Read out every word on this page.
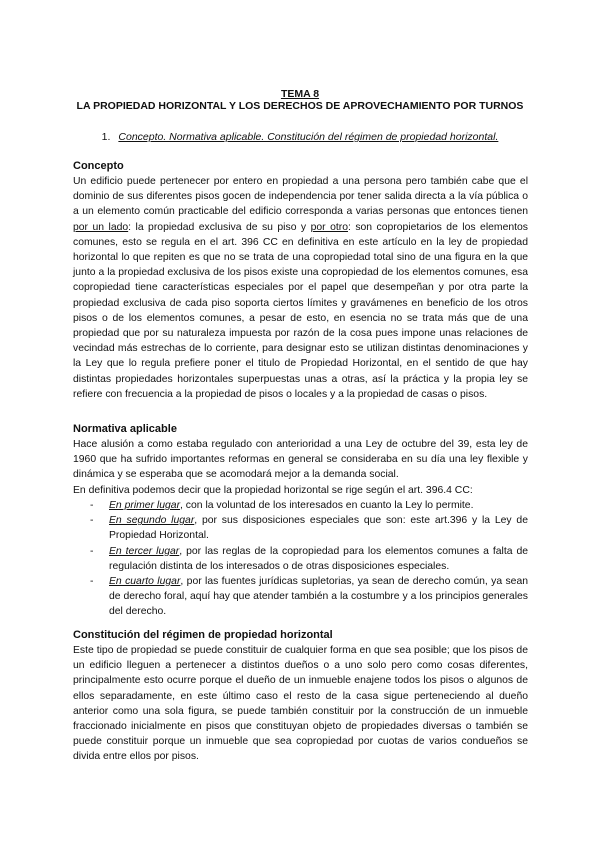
TEMA 8
LA PROPIEDAD HORIZONTAL Y LOS DERECHOS DE APROVECHAMIENTO POR TURNOS
1. Concepto. Normativa aplicable. Constitución del régimen de propiedad horizontal.
Concepto

Un edificio puede pertenecer por entero en propiedad a una persona pero también cabe que el dominio de sus diferentes pisos gocen de independencia por tener salida directa a la vía pública o a un elemento común practicable del edificio corresponda a varias personas que entonces tienen por un lado: la propiedad exclusiva de su piso y por otro: son copropietarios de los elementos comunes, esto se regula en el art. 396 CC en definitiva en este artículo en la ley de propiedad horizontal lo que repiten es que no se trata de una copropiedad total sino de una figura en la que junto a la propiedad exclusiva de los pisos existe una copropiedad de los elementos comunes, esa copropiedad tiene características especiales por el papel que desempeñan y por otra parte la propiedad exclusiva de cada piso soporta ciertos límites y gravámenes en beneficio de los otros pisos o de los elementos comunes, a pesar de esto, en esencia no se trata más que de una propiedad que por su naturaleza impuesta por razón de la cosa pues impone unas relaciones de vecindad más estrechas de lo corriente, para designar esto se utilizan distintas denominaciones y la Ley que lo regula prefiere poner el titulo de Propiedad Horizontal, en el sentido de que hay distintas propiedades horizontales superpuestas unas a otras, así la práctica y la propia ley se refiere con frecuencia a la propiedad de pisos o locales y a la propiedad de casas o pisos.

Normativa aplicable

Hace alusión a como estaba regulado con anterioridad a una Ley de octubre del 39, esta ley de 1960 que ha sufrido importantes reformas en general se consideraba en su día una ley flexible y dinámica y se esperaba que se acomodará mejor a la demanda social.

En definitiva podemos decir que la propiedad horizontal se rige según el art. 396.4 CC:

- En primer lugar, con la voluntad de los interesados en cuanto la Ley lo permite.
- En segundo lugar, por sus disposiciones especiales que son: este art.396 y la Ley de Propiedad Horizontal.
- En tercer lugar, por las reglas de la copropiedad para los elementos comunes a falta de regulación distinta de los interesados o de otras disposiciones especiales.
- En cuarto lugar, por las fuentes jurídicas supletorias, ya sean de derecho común, ya sean de derecho foral, aquí hay que atender también a la costumbre y a los principios generales del derecho.
Constitución del régimen de propiedad horizontal

Este tipo de propiedad se puede constituir de cualquier forma en que sea posible; que los pisos de un edificio lleguen a pertenecer a distintos dueños o a uno solo pero como cosas diferentes, principalmente esto ocurre porque el dueño de un inmueble enajene todos los pisos o algunos de ellos separadamente, en este último caso el resto de la casa sigue perteneciendo al dueño anterior como una sola figura, se puede también constituir por la construcción de un inmueble fraccionado inicialmente en pisos que constituyan objeto de propiedades diversas o también se puede constituir porque un inmueble que sea copropiedad por cuotas de varios condueños se divida entre ellos por pisos.
